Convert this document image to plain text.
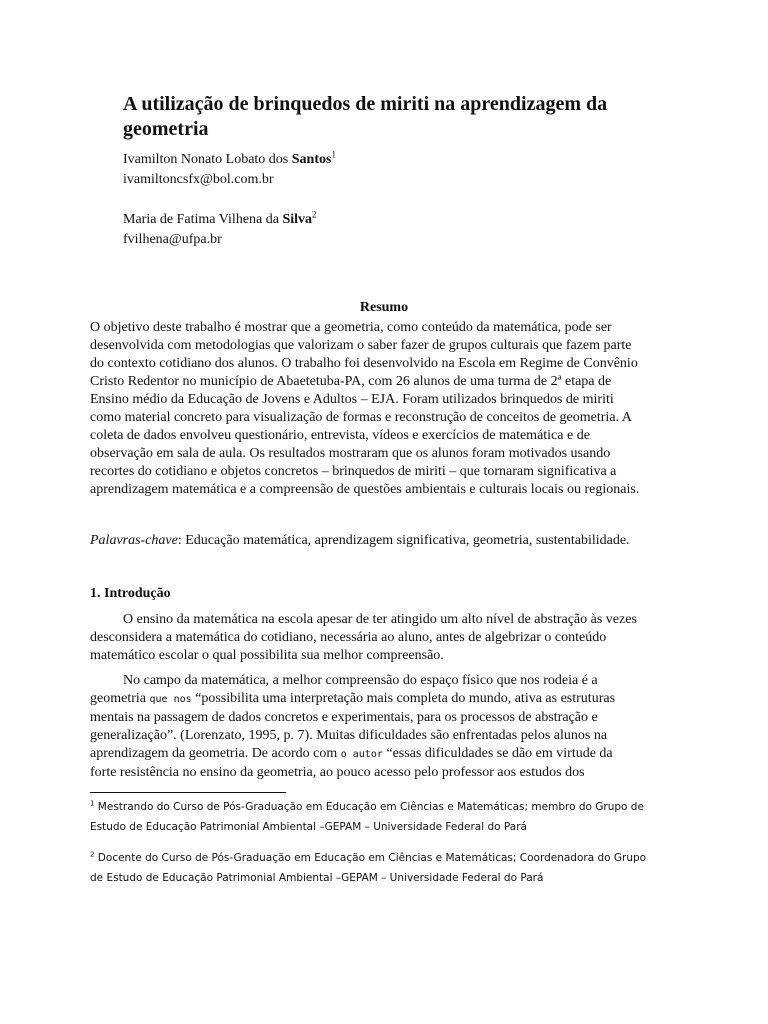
A utilização de brinquedos de miriti na aprendizagem da geometria
Ivamilton Nonato Lobato dos Santos$^1$
ivamiltoncsfx@bol.com.br
Maria de Fatima Vilhena da Silva$^2$
fvilhena@ufpa.br
Resumo

O objetivo deste trabalho é mostrar que a geometria, como conteúdo da matemática, pode ser desenvolvida com metodologias que valorizam o saber fazer de grupos culturais que fazem parte do contexto cotidiano dos alunos. O trabalho foi desenvolvido na Escola em Regime de Convênio Cristo Redentor no município de Abaetetuba-PA, com 26 alunos de uma turma de 2ª etapa de Ensino médio da Educação de Jovens e Adultos – EJA. Foram utilizados brinquedos de miriti como material concreto para visualização de formas e reconstrução de conceitos de geometria. A coleta de dados envolveu questionário, entrevista, vídeos e exercícios de matemática e de observação em sala de aula. Os resultados mostraram que os alunos foram motivados usando recortes do cotidiano e objetos concretos – brinquedos de miriti – que tornaram significativa a aprendizagem matemática e a compreensão de questões ambientais e culturais locais ou regionais.

Palavras-chave: Educação matemática, aprendizagem significativa, geometria, sustentabilidade.

1. Introdução

O ensino da matemática na escola apesar de ter atingido um alto nível de abstração às vezes desconsidera a matemática do cotidiano, necessária ao aluno, antes de algebrizar o conteúdo matemático escolar o qual possibilita sua melhor compreensão.

No campo da matemática, a melhor compreensão do espaço físico que nos rodeia é a geometria que nos “possibilita uma interpretação mais completa do mundo, ativa as estruturas mentais na passagem de dados concretos e experimentais, para os processos de abstração e generalização”. (Lorenzato, 1995, p. 7). Muitas dificuldades são enfrentadas pelos alunos na aprendizagem da geometria. De acordo com o autor “essas dificuldades se dão em virtude da forte resistência no ensino da geometria, ao pouco acesso pelo professor aos estudos dos

$^1$ Mestrando do Curso de Pós-Graduação em Educação em Ciências e Matemáticas; membro do Grupo de Estudo de Educação Patrimonial Ambiental –GEPAM – Universidade Federal do Pará

$^2$ Docente do Curso de Pós-Graduação em Educação em Ciências e Matemáticas; Coordenadora do Grupo de Estudo de Educação Patrimonial Ambiental –GEPAM – Universidade Federal do Pará
